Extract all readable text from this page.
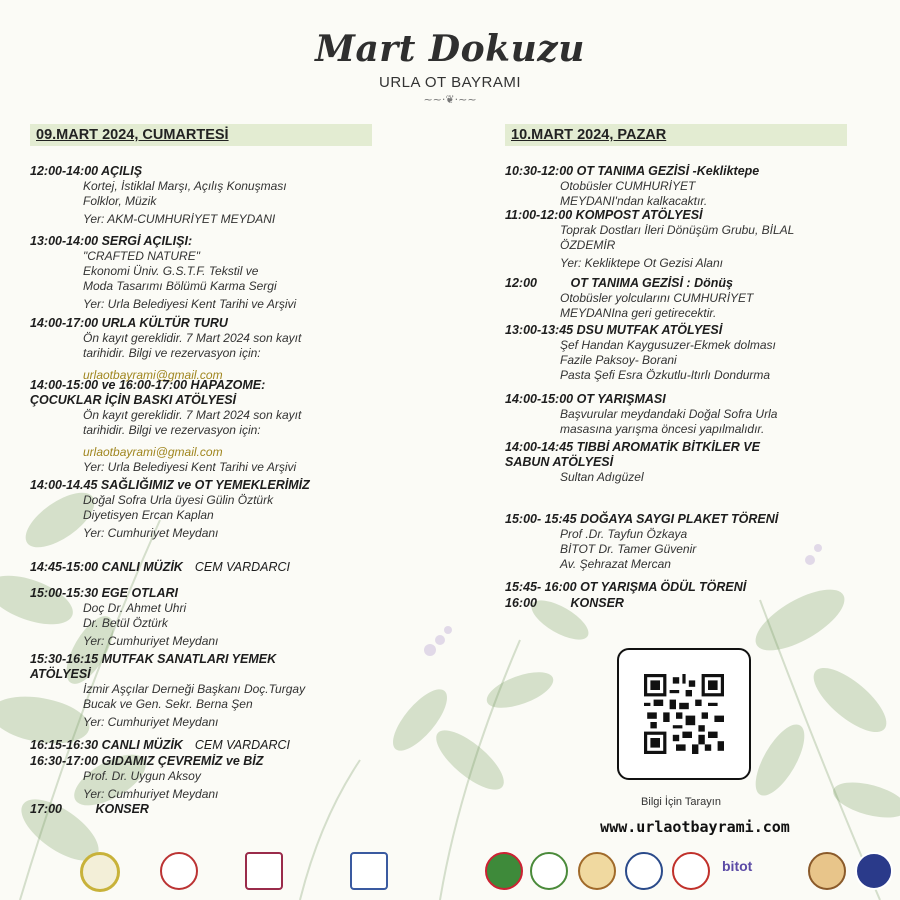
Mart Dokuzu
URLA OT BAYRAMI
~~·❦·~~
09.MART 2024, CUMARTESİ
12:00-14:00 AÇILIŞ
Kortej, İstiklal Marşı, Açılış Konuşması
Folklor, Müzik
Yer: AKM-CUMHURİYET MEYDANI
13:00-14:00 SERGİ AÇILIŞI:
"CRAFTED NATURE"
Ekonomi Üniv. G.S.T.F. Tekstil ve
Moda Tasarımı Bölümü Karma Sergi
Yer: Urla Belediyesi Kent Tarihi ve Arşivi
14:00-17:00 URLA KÜLTÜR TURU
Ön kayıt gereklidir. 7 Mart 2024 son kayıt
tarihidir. Bilgi ve rezervasyon için:
urlaotbayrami@gmail.com
14:00-15:00 ve 16:00-17:00 HAPAZOME:
ÇOCUKLAR İÇİN BASKI ATÖLYESİ
Ön kayıt gereklidir. 7 Mart 2024 son kayıt
tarihidir. Bilgi ve rezervasyon için:
urlaotbayrami@gmail.com
Yer: Urla Belediyesi Kent Tarihi ve Arşivi
14:00-14.45 SAĞLIĞIMIZ ve OT YEMEKLERİMİZ
Doğal Sofra Urla üyesi Gülin Öztürk
Diyetisyen Ercan Kaplan
Yer: Cumhuriyet Meydanı
14:45-15:00 CANLI MÜZİK CEM VARDARCI
15:00-15:30 EGE OTLARI
Doç Dr. Ahmet Uhri
Dr. Betül Öztürk
Yer: Cumhuriyet Meydanı
15:30-16:15 MUTFAK SANATLARI YEMEK
ATÖLYESİ
İzmir Aşçılar Derneği Başkanı Doç.Turgay
Bucak ve Gen. Sekr. Berna Şen
Yer: Cumhuriyet Meydanı
16:15-16:30 CANLI MÜZİK CEM VARDARCI
16:30-17:00 GIDAMIZ ÇEVREMİZ ve BİZ
Prof. Dr. Uygun Aksoy
Yer: Cumhuriyet Meydanı
17:00	KONSER
10.MART 2024, PAZAR
10:30-12:00 OT TANIMA GEZİSİ -Kekliktepe
Otobüsler CUMHURİYET
MEYDANI'ndan kalkacaktır.
11:00-12:00 KOMPOST ATÖLYESİ
Toprak Dostları İleri Dönüşüm Grubu, BİLAL
ÖZDEMİR
Yer: Kekliktepe Ot Gezisi Alanı
12:00	OT TANIMA GEZİSİ : Dönüş
Otobüsler yolcularını CUMHURİYET
MEYDANIna geri getirecektir.
13:00-13:45 DSU MUTFAK ATÖLYESİ
Şef Handan Kaygusuzer-Ekmek dolması
Fazile Paksoy- Borani
Pasta Şefi Esra Özkutlu-Itırlı Dondurma
14:00-15:00 OT YARIŞMASI
Başvurular meydandaki Doğal Sofra Urla
masasına yarışma öncesi yapılmalıdır.
14:00-14:45 TIBBİ AROMATİK BİTKİLER VE
SABUN ATÖLYESİ
Sultan Adıgüzel
15:00- 15:45 DOĞAYA SAYGI PLAKET TÖRENİ
Prof .Dr. Tayfun Özkaya
BİTOT Dr. Tamer Güvenir
Av. Şehrazat Mercan
15:45- 16:00 OT YARIŞMA ÖDÜL TÖRENİ
16:00	KONSER
Bilgi İçin Tarayın
www.urlaotbayrami.com
bitot
